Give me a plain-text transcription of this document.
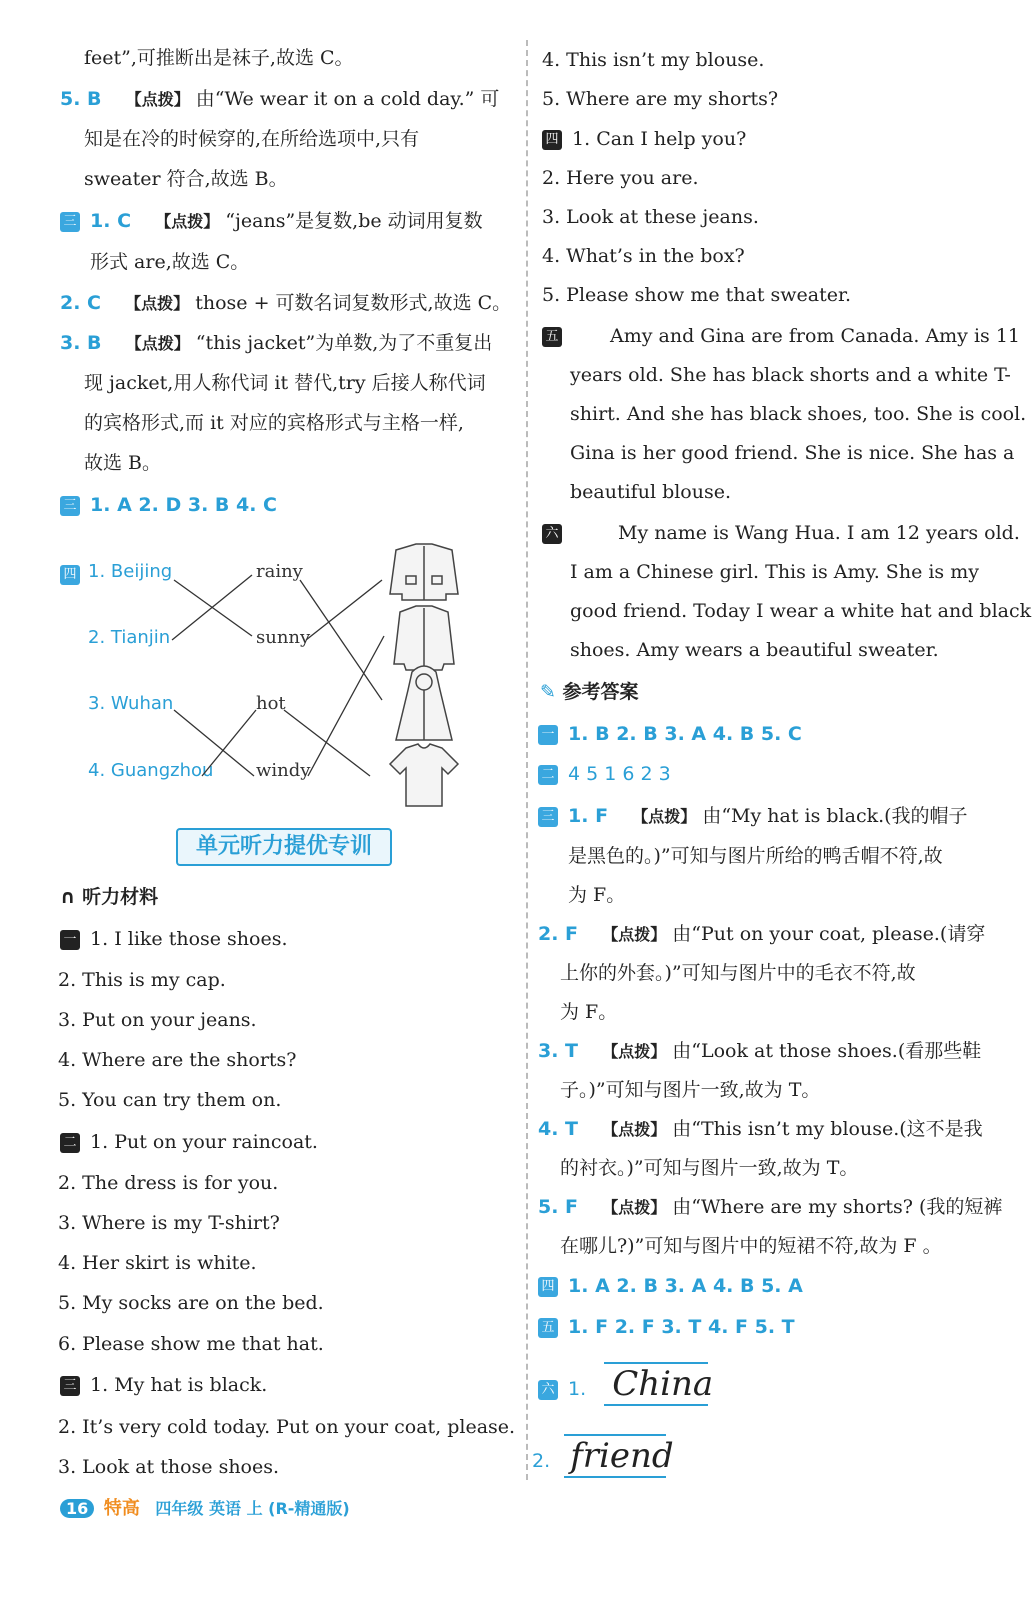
feet”,可推断出是袜子,故选 C。
5. B 【点拨】 由“We wear it on a cold day.” 可
知是在冷的时候穿的,在所给选项中,只有
sweater 符合,故选 B。
三 1. C 【点拨】 “jeans”是复数,be 动词用复数
形式 are,故选 C。
2. C 【点拨】 those + 可数名词复数形式,故选 C。
3. B 【点拨】 “this jacket”为单数,为了不重复出
现 jacket,用人称代词 it 替代,try 后接人称代词
的宾格形式,而 it 对应的宾格形式与主格一样,
故选 B。
三 1. A 2. D 3. B 4. C
四 1. Beijing
2. Tianjin
3. Wuhan
4. Guangzhou
rainy
sunny
hot
windy
单元听力提优专训
∩ 听力材料
一 1. I like those shoes.
2. This is my cap.
3. Put on your jeans.
4. Where are the shorts?
5. You can try them on.
二 1. Put on your raincoat.
2. The dress is for you.
3. Where is my T-shirt?
4. Her skirt is white.
5. My socks are on the bed.
6. Please show me that hat.
三 1. My hat is black.
2. It’s very cold today. Put on your coat, please.
3. Look at those shoes.
4. This isn’t my blouse.
5. Where are my shorts?
四 1. Can I help you?
2. Here you are.
3. Look at these jeans.
4. What’s in the box?
5. Please show me that sweater.
五	Amy and Gina are from Canada. Amy is 11
years old. She has black shorts and a white T-
shirt. And she has black shoes, too. She is cool.
Gina is her good friend. She is nice. She has a
beautiful blouse.
六	My name is Wang Hua. I am 12 years old.
I am a Chinese girl. This is Amy. She is my
good friend. Today I wear a white hat and black
shoes. Amy wears a beautiful sweater.
✎ 参考答案
一 1. B 2. B 3. A 4. B 5. C
二 4 5 1 6 2 3
三 1. F 【点拨】 由“My hat is black.(我的帽子
是黑色的。)”可知与图片所给的鸭舌帽不符,故
为 F。
2. F 【点拨】 由“Put on your coat, please.(请穿
上你的外套。)”可知与图片中的毛衣不符,故
为 F。
3. T 【点拨】 由“Look at those shoes.(看那些鞋
子。)”可知与图片一致,故为 T。
4. T 【点拨】 由“This isn’t my blouse.(这不是我
的衬衣。)”可知与图片一致,故为 T。
5. F 【点拨】 由“Where are my shorts? (我的短裤
在哪儿?)”可知与图片中的短裙不符,故为 F 。
四 1. A 2. B 3. A 4. B 5. A
五 1. F 2. F 3. T 4. F 5. T
六 1. China
2. friend
16 特高 四年级 英语 上 (R-精通版)
